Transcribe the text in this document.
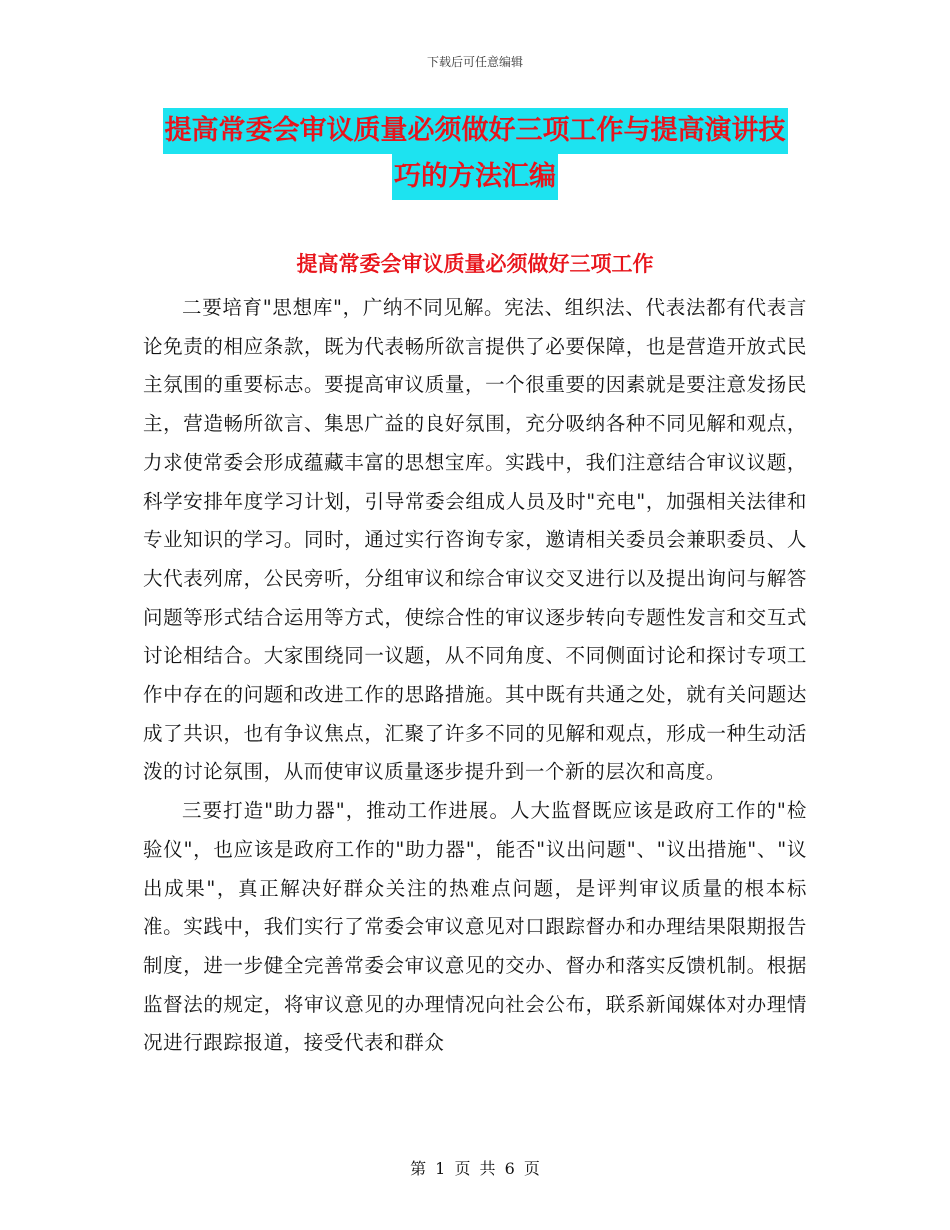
下载后可任意编辑
提高常委会审议质量必须做好三项工作与提高演讲技
巧的方法汇编
提高常委会审议质量必须做好三项工作

二要培育"思想库"，广纳不同见解。宪法、组织法、代表法都有代表言论免责的相应条款，既为代表畅所欲言提供了必要保障，也是营造开放式民主氛围的重要标志。要提高审议质量，一个很重要的因素就是要注意发扬民主，营造畅所欲言、集思广益的良好氛围，充分吸纳各种不同见解和观点，力求使常委会形成蕴藏丰富的思想宝库。实践中，我们注意结合审议议题，科学安排年度学习计划，引导常委会组成人员及时"充电"，加强相关法律和专业知识的学习。同时，通过实行咨询专家，邀请相关委员会兼职委员、人大代表列席，公民旁听，分组审议和综合审议交叉进行以及提出询问与解答问题等形式结合运用等方式，使综合性的审议逐步转向专题性发言和交互式讨论相结合。大家围绕同一议题，从不同角度、不同侧面讨论和探讨专项工作中存在的问题和改进工作的思路措施。其中既有共通之处，就有关问题达成了共识，也有争议焦点，汇聚了许多不同的见解和观点，形成一种生动活泼的讨论氛围，从而使审议质量逐步提升到一个新的层次和高度。

三要打造"助力器"，推动工作进展。人大监督既应该是政府工作的"检验仪"，也应该是政府工作的"助力器"，能否"议出问题"、"议出措施"、"议出成果"，真正解决好群众关注的热难点问题，是评判审议质量的根本标准。实践中，我们实行了常委会审议意见对口跟踪督办和办理结果限期报告制度，进一步健全完善常委会审议意见的交办、督办和落实反馈机制。根据监督法的规定，将审议意见的办理情况向社会公布，联系新闻媒体对办理情况进行跟踪报道，接受代表和群众

第 1 页 共 6 页
